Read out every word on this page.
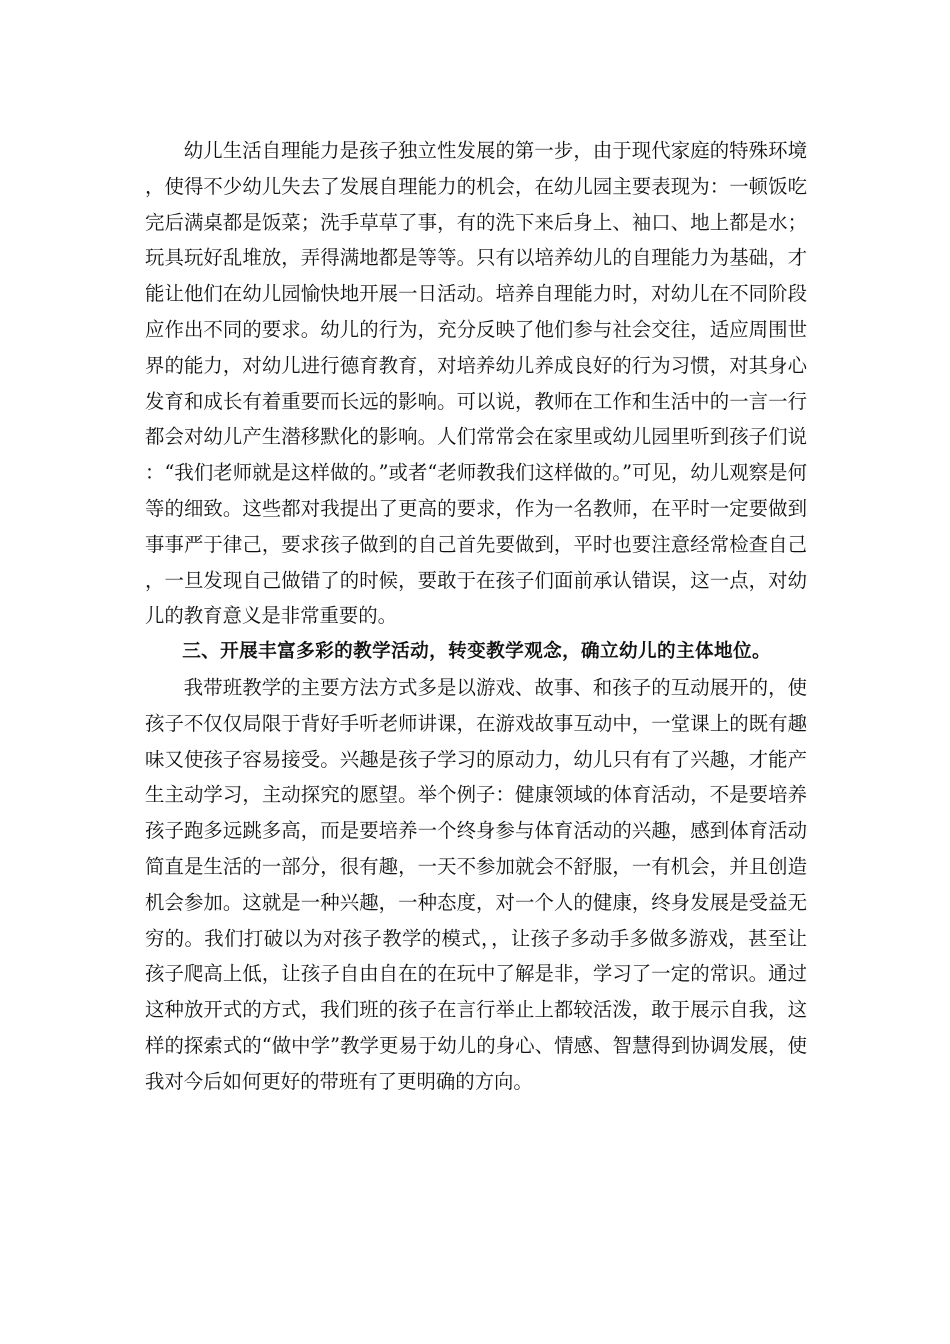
幼儿生活自理能力是孩子独立性发展的第一步，由于现代家庭的特殊环境，使得不少幼儿失去了发展自理能力的机会，在幼儿园主要表现为：一顿饭吃完后满桌都是饭菜；洗手草草了事，有的洗下来后身上、袖口、地上都是水；玩具玩好乱堆放，弄得满地都是等等。只有以培养幼儿的自理能力为基础，才能让他们在幼儿园愉快地开展一日活动。培养自理能力时，对幼儿在不同阶段应作出不同的要求。幼儿的行为，充分反映了他们参与社会交往，适应周围世界的能力，对幼儿进行德育教育，对培养幼儿养成良好的行为习惯，对其身心发育和成长有着重要而长远的影响。可以说，教师在工作和生活中的一言一行都会对幼儿产生潜移默化的影响。人们常常会在家里或幼儿园里听到孩子们说：“我们老师就是这样做的。”或者“老师教我们这样做的。”可见，幼儿观察是何等的细致。这些都对我提出了更高的要求，作为一名教师，在平时一定要做到事事严于律己，要求孩子做到的自己首先要做到，平时也要注意经常检查自己，一旦发现自己做错了的时候，要敢于在孩子们面前承认错误，这一点，对幼儿的教育意义是非常重要的。

三、开展丰富多彩的教学活动，转变教学观念，确立幼儿的主体地位。

我带班教学的主要方法方式多是以游戏、故事、和孩子的互动展开的，使孩子不仅仅局限于背好手听老师讲课，在游戏故事互动中，一堂课上的既有趣味又使孩子容易接受。兴趣是孩子学习的原动力，幼儿只有有了兴趣，才能产生主动学习，主动探究的愿望。举个例子：健康领域的体育活动，不是要培养孩子跑多远跳多高，而是要培养一个终身参与体育活动的兴趣，感到体育活动简直是生活的一部分，很有趣，一天不参加就会不舒服，一有机会，并且创造机会参加。这就是一种兴趣，一种态度，对一个人的健康，终身发展是受益无穷的。我们打破以为对孩子教学的模式，，让孩子多动手多做多游戏，甚至让孩子爬高上低，让孩子自由自在的在玩中了解是非，学习了一定的常识。通过这种放开式的方式，我们班的孩子在言行举止上都较活泼，敢于展示自我，这样的探索式的“做中学”教学更易于幼儿的身心、情感、智慧得到协调发展，使我对今后如何更好的带班有了更明确的方向。
